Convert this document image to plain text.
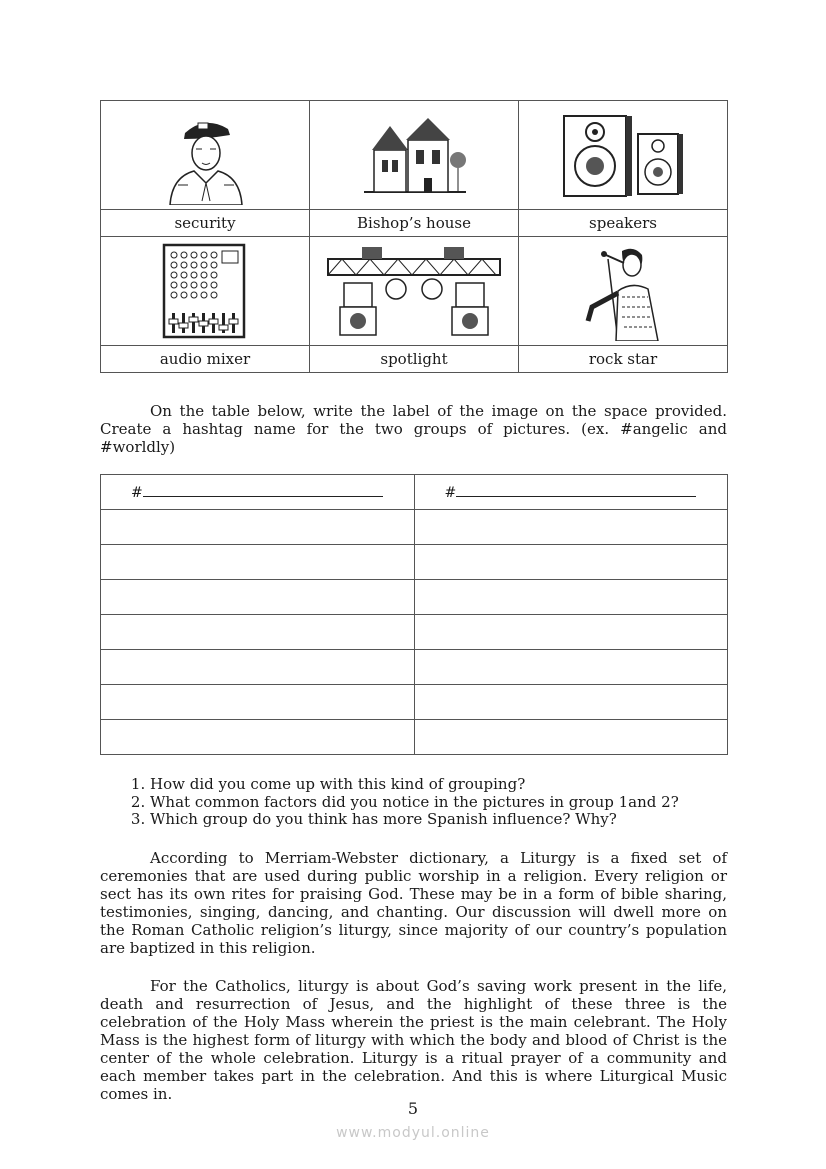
security	Bishop’s house	speakers

audio mixer	spotlight	rock star

On the table below, write the label of the image on the space provided. Create a hashtag name for the two groups of pictures. (ex. #angelic and #worldly)

#	#

1. How did you come up with this kind of grouping?
2. What common factors did you notice in the pictures in group 1and 2?
3. Which group do you think has more Spanish influence? Why?

According to Merriam-Webster dictionary, a Liturgy is a fixed set of ceremonies that are used during public worship in a religion. Every religion or sect has its own rites for praising God. These may be in a form of bible sharing, testimonies, singing, dancing, and chanting. Our discussion will dwell more on the Roman Catholic religion’s liturgy, since majority of our country’s population are baptized in this religion.

For the Catholics, liturgy is about God’s saving work present in the life, death and resurrection of Jesus, and the highlight of these three is the celebration of the Holy Mass wherein the priest is the main celebrant. The Holy Mass is the highest form of liturgy with which the body and blood of Christ is the center of the whole celebration. Liturgy is a ritual prayer of a community and each member takes part in the celebration. And this is where Liturgical Music comes in.

5
www.modyul.online
